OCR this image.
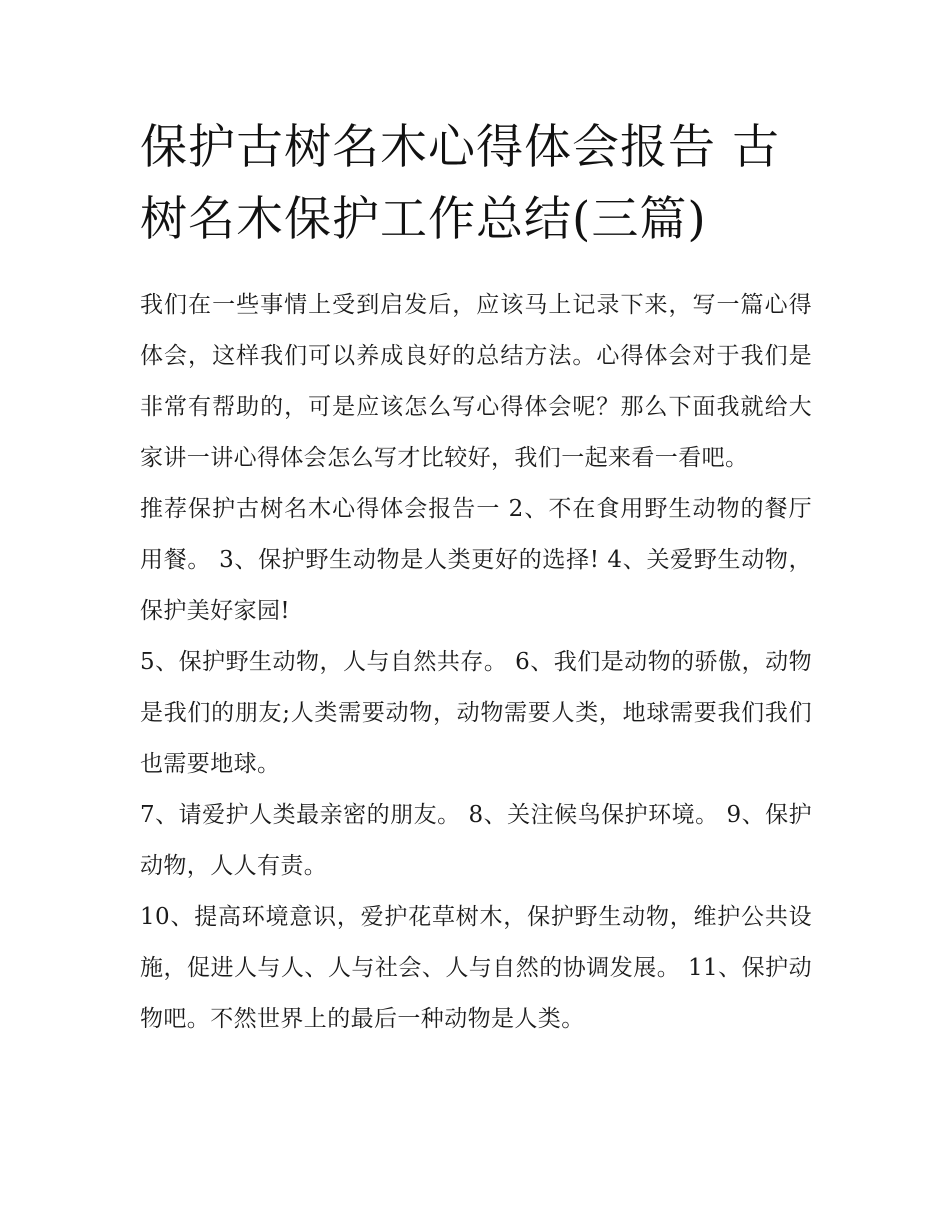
保护古树名木心得体会报告 古树名木保护工作总结(三篇)

我们在一些事情上受到启发后，应该马上记录下来，写一篇心得体会，这样我们可以养成良好的总结方法。心得体会对于我们是非常有帮助的，可是应该怎么写心得体会呢？那么下面我就给大家讲一讲心得体会怎么写才比较好，我们一起来看一看吧。

推荐保护古树名木心得体会报告一 2、不在食用野生动物的餐厅用餐。 3、保护野生动物是人类更好的选择! 4、关爱野生动物，保护美好家园!

5、保护野生动物，人与自然共存。 6、我们是动物的骄傲，动物是我们的朋友;人类需要动物，动物需要人类，地球需要我们我们也需要地球。

7、请爱护人类最亲密的朋友。 8、关注候鸟保护环境。 9、保护动物，人人有责。

10、提高环境意识，爱护花草树木，保护野生动物，维护公共设施，促进人与人、人与社会、人与自然的协调发展。 11、保护动物吧。不然世界上的最后一种动物是人类。
